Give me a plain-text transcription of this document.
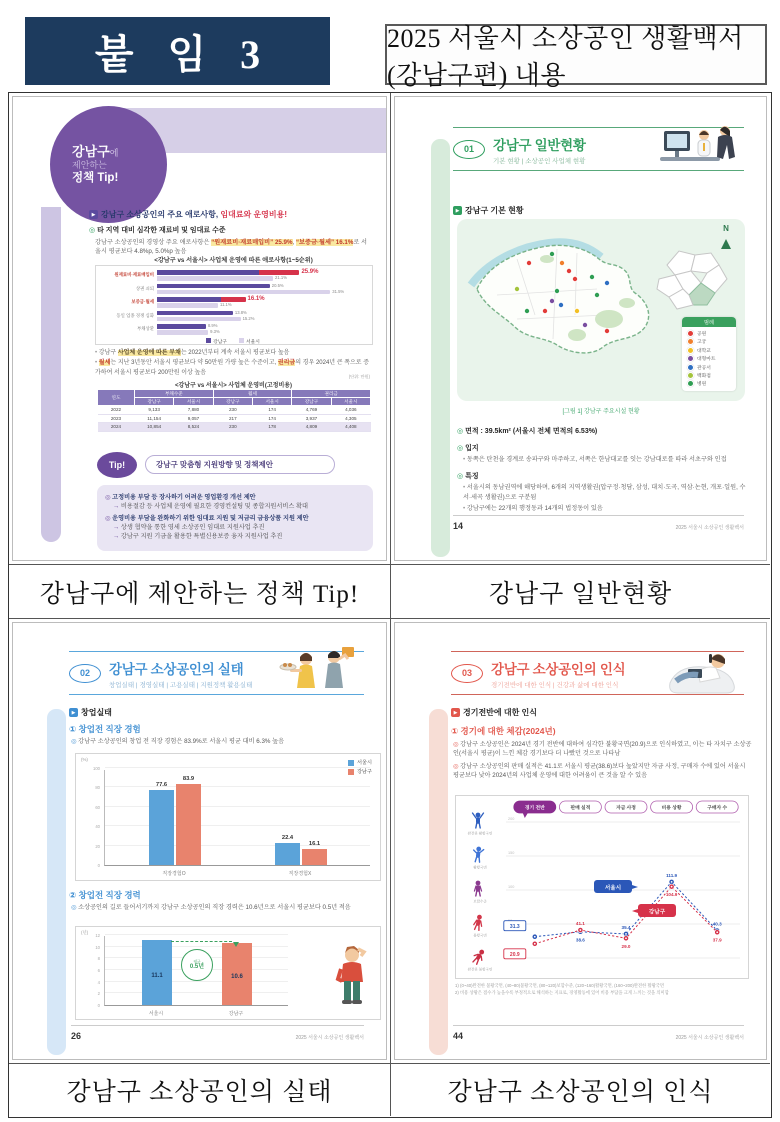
붙 임 3	2025 서울시 소상공인 생활백서(강남구편) 내용
강남구에
제안하는
정책 Tip!
▶
강남구 소상공인의 주요 애로사항, 임대료와 운영비용!
◎ 타 지역 대비 심각한 재료비 및 임대료 수준
강남구 소상공인의 경영상 주요 애로사항은 “원재료비·재료매입비” 25.9%, “보증금·월세” 16.1%로 서울시 평균보다 4.8%p, 5.0%p 높음
<강남구 vs 서울시> 사업체 운영에 따른 애로사항(1~5순위)
원재료비·재료매입비	25.9%
21.1%
상권 쇠퇴
20.5%
31.5%
보증금·월세	16.1%
11.1%
동일 업종 경쟁 심화
13.8%
15.2%
부채상환
8.9%
9.3%
강남구	서울시
• 강남구 사업체 운영에 따른 부채는 2022년부터 계속 서울시 평균보다 높음
• 월세는 지난 3년동안 서울시 평균보다 약 50만원 가량 높은 수준이고, 권리금의 경우 2024년 큰 폭으로 증가하여 서울시 평균보다 200만원 이상 높음
(단위: 만원)
<강남구 vs 서울시> 사업체 운영비(고정비용)
연도	부채수준		월세		권리금	
	강남구	서울시	강남구	서울시	강남구	서울시
2022	9,133	7,880	230	174	4,769	4,036
2023	11,154	9,057	217	174	3,937	4,305
2024	10,854	8,524	230	178	4,809	4,408
Tip!	강남구 맞춤형 지원방향 및 정책제안
◎ 고정비용 부담 등 장사하기 어려운 영업환경 개선 제안
→ 비용절감 등 사업체 운영에 필요한 경영컨설팅 및 종합지원서비스 확대
◎ 운영비용 부담을 완화하기 위한 임대료 지원 및 저금리 금융상품 지원 제안
→ 상생 협약을 통한 영세 소상공인 임대료 지원사업 추진
→ 강남구 지원 기금을 활용한 특별신용보증 융자 지원사업 추진
01	강남구 일반현황
기본 현황 | 소상공인 사업체 현황
▶
강남구 기본 현황
N
범례
공원
고궁
대학교
대형마트
관공서
백화점
병원
[그림 1] 강남구 주요시설 현황
◎ 면적 : 39.5km² (서울시 전체 면적의 6.53%)
◎ 입지
• 동쪽은 탄천을 경계로 송파구와 마주하고, 서쪽은 한남대교를 잇는 강남대로를 따라 서초구와 인접
◎ 특징
• 서울시의 동남권역에 해당하며, 6개의 지역생활권(압구정·청담, 삼성, 대치·도곡, 역삼·논현, 개포·일원, 수서·세곡 생활권)으로 구분됨
• 강남구에는 22개의 행정동과 14개의 법정동이 있음
14	2025 서울시 소상공인 생활백서
강남구에 제안하는 정책 Tip!	강남구 일반현황
02	강남구 소상공인의 실태
창업실태 | 경영실태 | 고용실태 | 지원정책 활용실태
▶
창업실태
① 창업전 직장 경험
◎ 강남구 소상공인의 창업 전 직장 경험은 83.9%로 서울시 평균 대비 6.3% 높음
(%)
서울시
강남구
77.6
83.9
22.4
16.1
0
20
40
60
80
100
직장경험O	직장경험X
② 창업전 직장 경력
◎ 소상공인의 길로 들어서기까지 강남구 소상공인의 직장 경력은 10.6년으로 서울시 평균보다 0.5년 적음
(년)
11.1	10.6
0
2
4
6
8
10
12
서울시	강남구
평균
0.5년
26	2025 서울시 소상공인 생활백서
03	강남구 소상공인의 인식
경기전반에 대한 인식 | 건강과 삶에 대한 인식
▶
경기전반에 대한 인식
① 경기에 대한 체감(2024년)
◎ 강남구 소상공인은 2024년 경기 전반에 대하여 심각한 불황국면(20.9)으로 인식하였고, 이는 타 자치구 소상공인(서울시 평균)이 느낀 체감 경기보다 더 나빴던 것으로 나타남
◎ 강남구 소상공인의 판매 실적은 41.1로 서울시 평균(38.6)보다 높았지만 자금 사정, 구매자 수에 있어 서울시 평균보다 낮아 2024년의 사업체 운영에 대한 어려움이 큰 것을 알 수 있음
100
150
200
경기 전반	판매 실적	자금 사정	비용 상황	구매자 수
완전한 활황국면
활황국면
보합수준
불황국면
완전한 불황국면
31.3
38.6
35.4
111.9
40.3
20.9
41.1
29.0
104.9
37.9
서울시
강남구
1) (0~40)완전한 불황국면, (40~80)불황국면, (80~120)보합수준, (120~160)활황국면, (160~200)완전한 활황국면
2) 비용 상황은 점수가 높을수록 부정적으로 해석하는 지표로, 경영활동에 있어 비용 부담을 크게 느끼는 것을 의미함
44	2025 서울시 소상공인 생활백서
강남구 소상공인의 실태	강남구 소상공인의 인식
